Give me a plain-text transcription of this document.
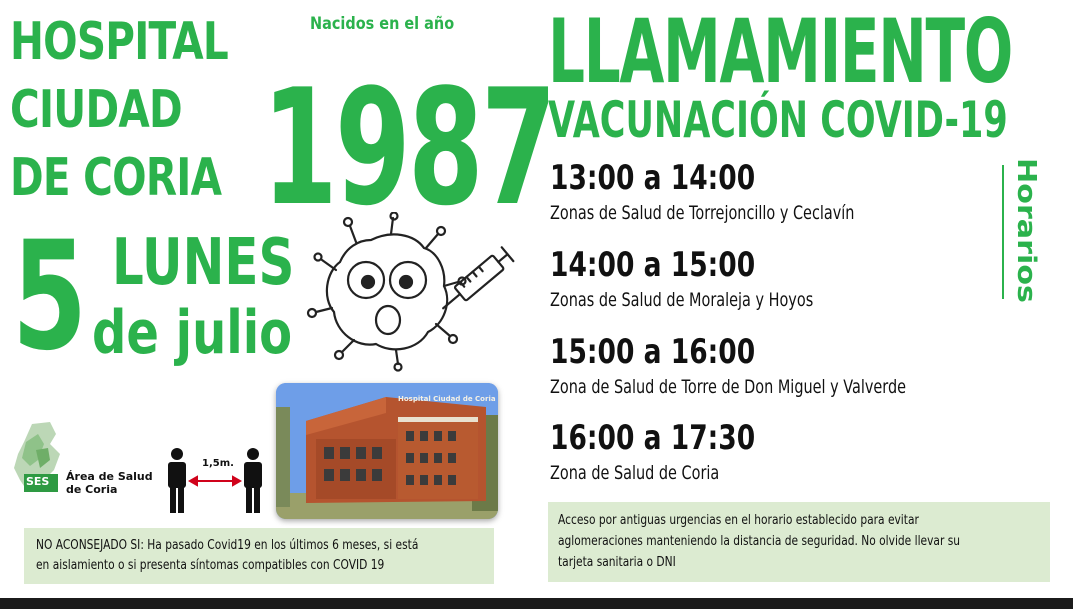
HOSPITAL
CIUDAD
DE CORIA
Nacidos en el año
1987
5 LUNES
de julio
Hospital Ciudad de Coria
SES Área de Salud
de Coria
1,5m.
NO ACONSEJADO SI: Ha pasado Covid19 en los últimos 6 meses, si está
en aislamiento o si presenta síntomas compatibles con COVID 19
LLAMAMIENTO
VACUNACIÓN COVID-19
13:00 a 14:00
Zonas de Salud de Torrejoncillo y Ceclavín
14:00 a 15:00
Zonas de Salud de Moraleja y Hoyos
15:00 a 16:00
Zona de Salud de Torre de Don Miguel y Valverde
16:00 a 17:30
Zona de Salud de Coria
Horarios
Acceso por antiguas urgencias en el horario establecido para evitar
aglomeraciones manteniendo la distancia de seguridad. No olvide llevar su
tarjeta sanitaria o DNI
